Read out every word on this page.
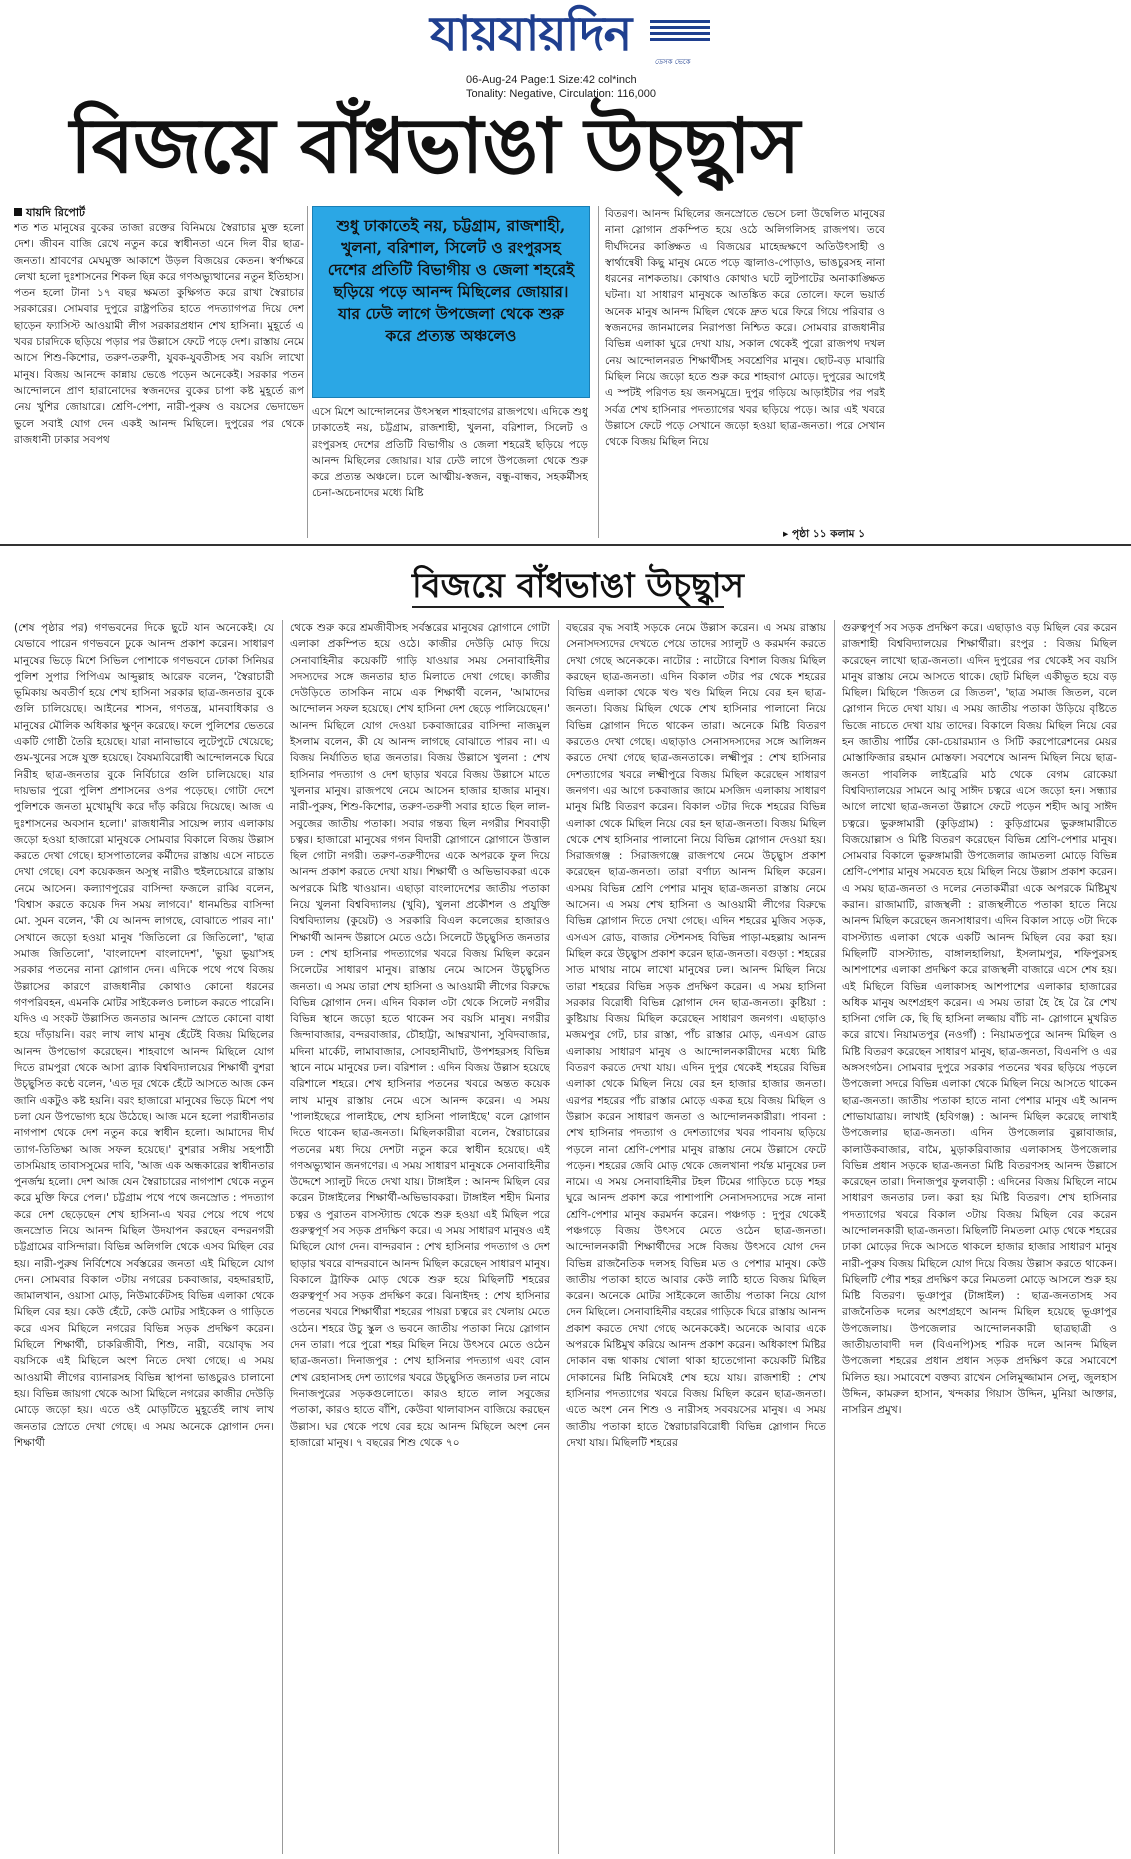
যায়যায়দিন	ডেসক ভেকে
06-Aug-24 Page:1 Size:42 col*inch
Tonality: Negative, Circulation: 116,000
বিজয়ে বাঁধভাঙা উচ্ছ্বাস
যায়দি রিপোর্ট

শত শত মানুষের বুকের তাজা রক্তের বিনিময়ে স্বৈরাচার মুক্ত হলো দেশ। জীবন বাজি রেখে নতুন করে স্বাধীনতা এনে দিল বীর ছাত্র-জনতা। শ্রাবণের মেঘমুক্ত আকাশে উড়ল বিজয়ের কেতন। স্বর্ণাক্ষরে লেখা হলো দুঃশাসনের শিকল ছিন্ন করে গণঅভ্যুত্থানের নতুন ইতিহাস। পতন হলো টানা ১৭ বছর ক্ষমতা কুক্ষিগত করে রাখা স্বৈরাচার সরকারের। সোমবার দুপুরে রাষ্ট্রপতির হাতে পদত্যাগপত্র দিয়ে দেশ ছাড়েন ফ্যাসিস্ট আওয়ামী লীগ সরকারপ্রধান শেখ হাসিনা। মুহূর্তে এ খবর চারদিকে ছড়িয়ে পড়ার পর উল্লাসে ফেটে পড়ে দেশ। রাস্তায় নেমে আসে শিশু-কিশোর, তরুণ-তরুণী, যুবক-যুবতীসহ সব বয়সি লাখো মানুষ। বিজয় আনন্দে কান্নায় ভেঙে পড়েন অনেকেই। সরকার পতন আন্দোলনে প্রাণ হারানোদের স্বজনদের বুকের চাপা কষ্ট মুহূর্তে রূপ নেয় খুশির জোয়ারে। শ্রেণি-পেশা, নারী-পুরুষ ও বয়সের ভেদাভেদ ভুলে সবাই যোগ দেন একই আনন্দ মিছিলে। দুপুরের পর থেকে রাজধানী ঢাকার সবপথ

শুধু ঢাকাতেই নয়, চট্টগ্রাম, রাজশাহী, খুলনা, বরিশাল, সিলেট ও রংপুরসহ দেশের প্রতিটি বিভাগীয় ও জেলা শহরেই ছড়িয়ে পড়ে আনন্দ মিছিলের জোয়ার। যার ঢেউ লাগে উপজেলা থেকে শুরু করে প্রত্যন্ত অঞ্চলেও

এসে মিশে আন্দোলনের উৎসস্থল শাহবাগের রাজপথে। এদিকে শুধু ঢাকাতেই নয়, চট্টগ্রাম, রাজশাহী, খুলনা, বরিশাল, সিলেট ও রংপুরসহ দেশের প্রতিটি বিভাগীয় ও জেলা শহরেই ছড়িয়ে পড়ে আনন্দ মিছিলের জোয়ার। যার ঢেউ লাগে উপজেলা থেকে শুরু করে প্রত্যন্ত অঞ্চলে। চলে আত্মীয়-স্বজন, বন্ধু-বান্ধব, সহকর্মীসহ চেনা-অচেনাদের মধ্যে মিষ্টি

বিতরণ। আনন্দ মিছিলের জনস্রোতে ভেসে চলা উদ্বেলিত মানুষের নানা স্লোগান প্রকম্পিত হয়ে ওঠে অলিগলিসহ রাজপথ। তবে দীর্ঘদিনের কাঙ্ক্ষিত এ বিজয়ের মাহেন্দ্রক্ষণে অতিউৎসাহী ও স্বার্থান্বেষী কিছু মানুষ মেতে পড়ে জ্বালাও-পোড়াও, ভাঙচুরসহ নানা ধরনের নাশকতায়। কোথাও কোথাও ঘটে লুটপাটের অনাকাঙ্ক্ষিত ঘটনা। যা সাধারণ মানুষকে আতঙ্কিত করে তোলে। ফলে ভয়ার্ত অনেক মানুষ আনন্দ মিছিল থেকে দ্রুত ঘরে ফিরে গিয়ে পরিবার ও স্বজনদের জানমালের নিরাপত্তা নিশ্চিত করে। সোমবার রাজধানীর বিভিন্ন এলাকা ঘুরে দেখা যায়, সকাল থেকেই পুরো রাজপথ দখল নেয় আন্দোলনরত শিক্ষার্থীসহ সবশ্রেণির মানুষ। ছোট-বড় মাঝারি মিছিল নিয়ে জড়ো হতে শুরু করে শাহবাগ মোড়ে। দুপুরের আগেই এ স্পটই পরিণত হয় জনসমুদ্রে। দুপুর গড়িয়ে আড়াইটার পর পরই সর্বত্র শেখ হাসিনার পদত্যাগের খবর ছড়িয়ে পড়ে। আর এই খবরে উল্লাসে ফেটে পড়ে সেখানে জড়ো হওয়া ছাত্র-জনতা। পরে সেখান থেকে বিজয় মিছিল নিয়ে

▸ পৃষ্ঠা ১১ কলাম ১
বিজয়ে বাঁধভাঙা উচ্ছ্বাস

(শেষ পৃষ্ঠার পর) গণভবনের দিকে ছুটে যান অনেকেই। যে যেভাবে পারেন গণভবনে ঢুকে আনন্দ প্রকাশ করেন। সাধারণ মানুষের ভিড়ে মিশে সিভিল পোশাকে গণভবনে ঢোকা সিনিয়র পুলিশ সুপার পিপিএম আব্দুল্লাহ আরেফ বলেন, 'স্বৈরাচারী ভূমিকায় অবতীর্ণ হয়ে শেখ হাসিনা সরকার ছাত্র-জনতার বুকে গুলি চালিয়েছে। আইনের শাসন, গণতন্ত্র, মানবাধিকার ও মানুষের মৌলিক অধিকার ক্ষুণ্ন করেছে। ফলে পুলিশের ভেতরে একটি গোষ্ঠী তৈরি হয়েছে। যারা নানাভাবে লুটেপুটে খেয়েছে; গুম-খুনের সঙ্গে যুক্ত হয়েছে। বৈষম্যবিরোধী আন্দোলনকে ঘিরে নিরীহ ছাত্র-জনতার বুকে নির্বিচারে গুলি চালিয়েছে। যার দায়ভার পুরো পুলিশ প্রশাসনের ওপর পড়েছে। গোটা দেশে পুলিশকে জনতা মুখোমুখি করে দাঁড় করিয়ে দিয়েছে। আজ এ দুঃশাসনের অবসান হলো।' রাজধানীর সায়েন্স ল্যাব এলাকায় জড়ো হওয়া হাজারো মানুষকে সোমবার বিকালে বিজয় উল্লাস করতে দেখা গেছে। হাসপাতালের কর্মীদের রাস্তায় এসে নাচতে দেখা গেছে। বেশ কয়েকজন অসুস্থ নারীও হুইলচেয়ারে রাস্তায় নেমে আসেন। কল্যাণপুরের বাসিন্দা ফজলে রাব্বি বলেন, 'বিশ্বাস করতে কয়েক দিন সময় লাগবে।' ধানমন্ডির বাসিন্দা মো. সুমন বলেন, 'কী যে আনন্দ লাগছে, বোঝাতে পারব না।' সেখানে জড়ো হওয়া মানুষ 'জিতিলো রে জিতিলো', 'ছাত্র সমাজ জিতিলো', 'বাংলাদেশ বাংলাদেশ', 'ভুয়া ভুয়া'সহ সরকার পতনের নানা স্লোগান দেন। এদিকে পথে পথে বিজয় উল্লাসের কারণে রাজধানীর কোথাও কোনো ধরনের গণপরিবহন, এমনকি মোটর সাইকেলও চলাচল করতে পারেনি। যদিও এ সংকট উল্লাসিত জনতার আনন্দ স্রোতে কোনো বাধা হয়ে দাঁড়ায়নি। বরং লাখ লাখ মানুষ হেঁটেই বিজয় মিছিলের আনন্দ উপভোগ করেছেন। শাহবাগে আনন্দ মিছিলে যোগ দিতে রামপুরা থেকে আসা ব্র্যাক বিশ্ববিদ্যালয়ের শিক্ষার্থী বুশরা উচ্ছ্বসিত কণ্ঠে বলেন, 'এত দূর থেকে হেঁটে আসতে আজ কেন জানি একটুও কষ্ট হয়নি। বরং হাজারো মানুষের ভিড়ে মিশে পথ চলা যেন উপভোগ্য হয়ে উঠেছে। আজ মনে হলো পরাধীনতার নাগপাশ থেকে দেশ নতুন করে স্বাধীন হলো। আমাদের দীর্ঘ ত্যাগ-তিতিক্ষা আজ সফল হয়েছে।' বুশরার সঙ্গীয় সহপাঠী তাসমিয়াহ তাবাসসুমের দাবি, 'আজ এক অন্ধকারের স্বাধীনতার পুনর্জন্ম হলো। দেশ আজ যেন স্বৈরাচারের নাগপাশ থেকে নতুন করে মুক্তি ফিরে পেল।' চট্টগ্রাম পথে পথে জনস্রোত : পদত্যাগ করে দেশ ছেড়েছেন শেখ হাসিনা-এ খবর পেয়ে পথে পথে জনস্রোত নিয়ে আনন্দ মিছিল উদযাপন করছেন বন্দরনগরী চট্টগ্রামের বাসিন্দারা। বিভিন্ন অলিগলি থেকে এসব মিছিল বের হয়। নারী-পুরুষ নির্বিশেষে সর্বস্তরের জনতা এই মিছিলে যোগ দেন। সোমবার বিকাল ৩টায় নগরের চকবাজার, বহদ্দারহাট, জামালখান, ওয়াসা মোড়, নিউমার্কেটসহ বিভিন্ন এলাকা থেকে মিছিল বের হয়। কেউ হেঁটে, কেউ মোটর সাইকেল ও গাড়িতে করে এসব মিছিলে নগরের বিভিন্ন সড়ক প্রদক্ষিণ করেন। মিছিলে শিক্ষার্থী, চাকরিজীবী, শিশু, নারী, বয়োবৃদ্ধ সব বয়সিকে এই মিছিলে অংশ নিতে দেখা গেছে। এ সময় আওয়ামী লীগের ব্যানারসহ বিভিন্ন স্থাপনা ভাঙচুরও চালানো হয়। বিভিন্ন জায়গা থেকে আসা মিছিলে নগরের কাজীর দেউড়ি মোড়ে জড়ো হয়। এতে ওই মোড়টিতে মুহূর্তেই লাখ লাখ জনতার স্রোতে দেখা গেছে। এ সময় অনেকে স্লোগান দেন। শিক্ষার্থী

থেকে শুরু করে শ্রমজীবীসহ সর্বস্তরের মানুষের স্লোগানে গোটা এলাকা প্রকম্পিত হয়ে ওঠে। কাজীর দেউড়ি মোড় দিয়ে সেনাবাহিনীর কয়েকটি গাড়ি যাওয়ার সময় সেনাবাহিনীর সদস্যদের সঙ্গে জনতার হাত মিলাতে দেখা গেছে। কাজীর দেউড়িতে তাসকিন নামে এক শিক্ষার্থী বলেন, 'আমাদের আন্দোলন সফল হয়েছে। শেখ হাসিনা দেশ ছেড়ে পালিয়েছেন।' আনন্দ মিছিলে যোগ দেওয়া চকবাজারের বাসিন্দা নাজমুল ইসলাম বলেন, কী যে আনন্দ লাগছে বোঝাতে পারব না। এ বিজয় নির্যাতিত ছাত্র জনতার। বিজয় উল্লাসে খুলনা : শেখ হাসিনার পদত্যাগ ও দেশ ছাড়ার খবরে বিজয় উল্লাসে মাতে খুলনার মানুষ। রাজপথে নেমে আসেন হাজার হাজার মানুষ। নারী-পুরুষ, শিশু-কিশোর, তরুণ-তরুণী সবার হাতে ছিল লাল-সবুজের জাতীয় পতাকা। সবার গন্তব্য ছিল নগরীর শিববাড়ী চত্বর। হাজারো মানুষের গগন বিদারী স্লোগানে স্লোগানে উত্তাল ছিল গোটা নগরী। তরুণ-তরুণীদের একে অপরকে ফুল দিয়ে আনন্দ প্রকাশ করতে দেখা যায়। শিক্ষার্থী ও অভিভাবকরা একে অপরকে মিষ্টি খাওয়ান। এছাড়া বাংলাদেশের জাতীয় পতাকা নিয়ে খুলনা বিশ্ববিদ্যালয় (খুবি), খুলনা প্রকৌশল ও প্রযুক্তি বিশ্ববিদ্যালয় (কুয়েট) ও সরকারি বিএল কলেজের হাজারও শিক্ষার্থী আনন্দ উল্লাসে মেতে ওঠে। সিলেটে উচ্ছ্বসিত জনতার ঢল : শেখ হাসিনার পদত্যাগের খবরে বিজয় মিছিল করেন সিলেটের সাধারণ মানুষ। রাস্তায় নেমে আসেন উচ্ছ্বসিত জনতা। এ সময় তারা শেখ হাসিনা ও আওয়ামী লীগের বিরুদ্ধে বিভিন্ন স্লোগান দেন। এদিন বিকাল ৩টা থেকে সিলেট নগরীর বিভিন্ন স্থানে জড়ো হতে থাকেন সব বয়সি মানুষ। নগরীর জিন্দাবাজার, বন্দরবাজার, চৌহাট্টা, আম্বরখানা, সুবিদবাজার, মদিনা মার্কেট, লামাবাজার, সোবহানীঘাট, উপশহরসহ বিভিন্ন স্থানে নামে মানুষের ঢল। বরিশাল : এদিন বিজয় উল্লাস হয়েছে বরিশালে শহরে। শেখ হাসিনার পতনের খবরে অন্তত কয়েক লাখ মানুষ রাস্তায় নেমে এসে আনন্দ করেন। এ সময় 'পালাইছেরে পালাইছে, শেখ হাসিনা পালাইছে' বলে স্লোগান দিতে থাকেন ছাত্র-জনতা। মিছিলকারীরা বলেন, স্বৈরাচারের পতনের মধ্য দিয়ে দেশটা নতুন করে স্বাধীন হয়েছে। এই গণঅভ্যুত্থান জনগণের। এ সময় সাধারণ মানুষকে সেনাবাহিনীর উদ্দেশে স্যালুট দিতে দেখা যায়। টাঙ্গাইল : আনন্দ মিছিল বের করেন টাঙ্গাইলের শিক্ষার্থী-অভিভাবকরা। টাঙ্গাইল শহীদ মিনার চত্বর ও পুরাতন বাসস্ট্যান্ড থেকে শুরু হওয়া এই মিছিল পরে গুরুত্বপূর্ণ সব সড়ক প্রদক্ষিণ করে। এ সময় সাধারণ মানুষও এই মিছিলে যোগ দেন। বান্দরবান : শেখ হাসিনার পদত্যাগ ও দেশ ছাড়ার খবরে বান্দরবানে আনন্দ মিছিল করেছেন সাধারণ মানুষ। বিকালে ট্রাফিক মোড় থেকে শুরু হয়ে মিছিলটি শহরের গুরুত্বপূর্ণ সব সড়ক প্রদক্ষিণ করে। ঝিনাইদহ : শেখ হাসিনার পতনের খবরে শিক্ষার্থীরা শহরের পায়রা চত্বরে রং খেলায় মেতে ওঠেন। শহরে উচু স্কুল ও ভবনে জাতীয় পতাকা নিয়ে স্লোগান দেন তারা। পরে পুরো শহর মিছিল নিয়ে উৎসবে মেতে ওঠেন ছাত্র-জনতা। দিনাজপুর : শেখ হাসিনার পদত্যাগ এবং বোন শেখ রেহানাসহ দেশ ত্যাগের খবরে উচ্ছ্বসিত জনতার ঢল নামে দিনাজপুরের সড়কগুলোতে। কারও হাতে লাল সবুজের পতাকা, কারও হাতে বাঁশি, কেউবা থালাবাসন বাজিয়ে করছেন উল্লাস। ঘর থেকে পথে বের হয়ে আনন্দ মিছিলে অংশ নেন হাজারো মানুষ। ৭ বছরের শিশু থেকে ৭০

বছরের বৃদ্ধ সবাই সড়কে নেমে উল্লাস করেন। এ সময় রাস্তায় সেনাসদস্যদের দেখতে পেয়ে তাদের স্যালুট ও করমর্দন করতে দেখা গেছে অনেককে। নাটোর : নাটোরে বিশাল বিজয় মিছিল করছেন ছাত্র-জনতা। এদিন বিকাল ৩টার পর থেকে শহরের বিভিন্ন এলাকা থেকে খণ্ড খণ্ড মিছিল নিয়ে বের হন ছাত্র-জনতা। বিজয় মিছিল থেকে শেখ হাসিনার পালানো নিয়ে বিভিন্ন স্লোগান দিতে থাকেন তারা। অনেকে মিষ্টি বিতরণ করতেও দেখা গেছে। এছাড়াও সেনাসদস্যদের সঙ্গে আলিঙ্গন করতে দেখা গেছে ছাত্র-জনতাকে। লক্ষ্মীপুর : শেখ হাসিনার দেশত্যাগের খবরে লক্ষ্মীপুরে বিজয় মিছিল করেছেন সাধারণ জনগণ। এর আগে চকবাজার জামে মসজিদ এলাকায় সাধারণ মানুষ মিষ্টি বিতরণ করেন। বিকাল ৩টার দিকে শহরের বিভিন্ন এলাকা থেকে মিছিল নিয়ে বের হন ছাত্র-জনতা। বিজয় মিছিল থেকে শেখ হাসিনার পালানো নিয়ে বিভিন্ন স্লোগান দেওয়া হয়। সিরাজগঞ্জ : সিরাজগঞ্জে রাজপথে নেমে উচ্ছ্বাস প্রকাশ করেছেন ছাত্র-জনতা। তারা বর্ণাঢ্য আনন্দ মিছিল করেন। এসময় বিভিন্ন শ্রেণি পেশার মানুষ ছাত্র-জনতা রাস্তায় নেমে আসেন। এ সময় শেখ হাসিনা ও আওয়ামী লীগের বিরুদ্ধে বিভিন্ন স্লোগান দিতে দেখা গেছে। এদিন শহরের মুজিব সড়ক, এসএস রোড, বাজার স্টেশনসহ বিভিন্ন পাড়া-মহল্লায় আনন্দ মিছিল করে উচ্ছ্বাস প্রকাশ করেন ছাত্র-জনতা। বগুড়া : শহরের সাত মাথায় নামে লাখো মানুষের ঢল। আনন্দ মিছিল নিয়ে তারা শহরের বিভিন্ন সড়ক প্রদক্ষিণ করেন। এ সময় হাসিনা সরকার বিরোধী বিভিন্ন স্লোগান দেন ছাত্র-জনতা। কুষ্টিয়া : কুষ্টিয়ায় বিজয় মিছিল করেছেন সাধারণ জনগণ। এছাড়াও মজমপুর গেট, চার রাস্তা, পাঁচ রাস্তার মোড়, এনএস রোড এলাকায় সাধারণ মানুষ ও আন্দোলনকারীদের মধ্যে মিষ্টি বিতরণ করতে দেখা যায়। এদিন দুপুর থেকেই শহরের বিভিন্ন এলাকা থেকে মিছিল নিয়ে বের হন হাজার হাজার জনতা। এরপর শহরের পাঁচ রাস্তার মোড়ে একত্র হয়ে বিজয় মিছিল ও উল্লাস করেন সাধারণ জনতা ও আন্দোলনকারীরা। পাবনা : শেখ হাসিনার পদত্যাগ ও দেশত্যাগের খবর পাবনায় ছড়িয়ে পড়লে নানা শ্রেণি-পেশার মানুষ রাস্তায় নেমে উল্লাসে ফেটে পড়েন। শহরের জেবি মোড় থেকে জেলখানা পর্যন্ত মানুষের ঢল নামে। এ সময় সেনাবাহিনীর টহল টিমের গাড়িতে চড়ে শহর ঘুরে আনন্দ প্রকাশ করে পাশাপাশি সেনাসদস্যদের সঙ্গে নানা শ্রেণি-পেশার মানুষ করমর্দন করেন। পঞ্চগড় : দুপুর থেকেই পঞ্চগড়ে বিজয় উৎসবে মেতে ওঠেন ছাত্র-জনতা। আন্দোলনকারী শিক্ষার্থীদের সঙ্গে বিজয় উৎসবে যোগ দেন বিভিন্ন রাজনৈতিক দলসহ বিভিন্ন মত ও পেশার মানুষ। কেউ জাতীয় পতাকা হাতে আবার কেউ লাঠি হাতে বিজয় মিছিল করেন। অনেকে মোটর সাইকেলে জাতীয় পতাকা নিয়ে যোগ দেন মিছিলে। সেনাবাহিনীর বহরের গাড়িকে ঘিরে রাস্তায় আনন্দ প্রকাশ করতে দেখা গেছে অনেককেই। অনেকে আবার একে অপরকে মিষ্টিমুখ করিয়ে আনন্দ প্রকাশ করেন। অধিকাংশ মিষ্টির দোকান বন্ধ থাকায় খোলা থাকা হাতেগোনা কয়েকটি মিষ্টির দোকানের মিষ্টি নিমিষেই শেষ হয়ে যায়। রাজশাহী : শেখ হাসিনার পদত্যাগের খবরে বিজয় মিছিল করেন ছাত্র-জনতা। এতে অংশ নেন শিশু ও নারীসহ সববয়সের মানুষ। এ সময় জাতীয় পতাকা হাতে স্বৈরাচারবিরোধী বিভিন্ন স্লোগান দিতে দেখা যায়। মিছিলটি শহরের

গুরুত্বপূর্ণ সব সড়ক প্রদক্ষিণ করে। এছাড়াও বড় মিছিল বের করেন রাজশাহী বিশ্ববিদ্যালয়ের শিক্ষার্থীরা। রংপুর : বিজয় মিছিল করেছেন লাখো ছাত্র-জনতা। এদিন দুপুরের পর থেকেই সব বয়সি মানুষ রাস্তায় নেমে আসতে থাকে। ছোট মিছিল একীভূত হয়ে বড় মিছিল। মিছিলে 'জিতল রে জিতল', 'ছাত্র সমাজ জিতল, বলে স্লোগান দিতে দেখা যায়। এ সময় জাতীয় পতাকা উড়িয়ে বৃষ্টিতে ভিজে নাচতে দেখা যায় তাদের। বিকালে বিজয় মিছিল নিয়ে বের হন জাতীয় পার্টির কো-চেয়ারম্যান ও সিটি করপোরেশনের মেয়র মোস্তাফিজার রহমান মোস্তফা। সবশেষে আনন্দ মিছিল নিয়ে ছাত্র-জনতা পাবলিক লাইব্রেরি মাঠ থেকে বেগম রোকেয়া বিশ্ববিদ্যালয়ের সামনে আবু সাঈদ চত্বরে এসে জড়ো হন। সন্ধ্যার আগে লাখো ছাত্র-জনতা উল্লাসে ফেটে পড়েন শহীদ আবু সাঈদ চত্বরে। ভুরুঙ্গামারী (কুড়িগ্রাম) : কুড়িগ্রামের ভুরুঙ্গামারীতে বিজয়োল্লাস ও মিষ্টি বিতরণ করেছেন বিভিন্ন শ্রেণি-পেশার মানুষ। সোমবার বিকালে ভুরুঙ্গামারী উপজেলার জামতলা মোড়ে বিভিন্ন শ্রেণি-পেশার মানুষ সমবেত হয়ে মিছিল নিয়ে উল্লাস প্রকাশ করেন। এ সময় ছাত্র-জনতা ও দলের নেতাকর্মীরা একে অপরকে মিষ্টিমুখ করান। রাজামাটি, রাজস্থলী : রাজস্থলীতে পতাকা হাতে নিয়ে আনন্দ মিছিল করেছেন জনসাধারণ। এদিন বিকাল সাড়ে ৩টা দিকে বাসস্ট্যান্ড এলাকা থেকে একটি আনন্দ মিছিল বের করা হয়। মিছিলটি বাসস্ট্যান্ড, বাঙ্গালহালিয়া, ইসলামপুর, শফিপুরসহ আশপাশের এলাকা প্রদক্ষিণ করে রাজস্থলী বাজারে এসে শেষ হয়। এই মিছিলে বিভিন্ন এলাকাসহ আশপাশের এলাকার হাজারের অধিক মানুষ অংশগ্রহণ করেন। এ সময় তারা হৈ হৈ রৈ রৈ শেখ হাসিনা গেলি কে, ছি ছি হাসিনা লজ্জায় বাঁচি না- স্লোগানে মুখরিত করে রাখে। নিয়ামতপুর (নওগাঁ) : নিয়ামতপুরে আনন্দ মিছিল ও মিষ্টি বিতরণ করেছেন সাধারণ মানুষ, ছাত্র-জনতা, বিএনপি ও এর অঙ্গসংগঠন। সোমবার দুপুরে সরকার পতনের খবর ছড়িয়ে পড়লে উপজেলা সদরে বিভিন্ন এলাকা থেকে মিছিল নিয়ে আসতে থাকেন ছাত্র-জনতা। জাতীয় পতাকা হাতে নানা পেশার মানুষ এই আনন্দ শোভাযাত্রায়। লাখাই (হবিগঞ্জ) : আনন্দ মিছিল করেছে লাখাই উপজেলার ছাত্র-জনতা। এদিন উপজেলার বুল্লাবাজার, কালাউকবাজার, বামৈ, মুড়াকরিবাজার এলাকাসহ উপজেলার বিভিন্ন প্রধান সড়কে ছাত্র-জনতা মিষ্টি বিতরণসহ আনন্দ উল্লাসে করেছেন তারা। দিনাজপুর ফুলবাড়ী : এদিনের বিজয় মিছিলে নামে সাধারণ জনতার ঢল। করা হয় মিষ্টি বিতরণ। শেখ হাসিনার পদত্যাগের খবরে বিকাল ৩টায় বিজয় মিছিল বের করেন আন্দোলনকারী ছাত্র-জনতা। মিছিলটি নিমতলা মোড় থেকে শহরের ঢাকা মোড়ের দিকে আসতে থাকলে হাজার হাজার সাধারণ মানুষ নারী-পুরুষ বিজয় মিছিলে যোগ দিয়ে বিজয় উল্লাস করতে থাকেন। মিছিলটি পৌর শহর প্রদক্ষিণ করে নিমতলা মোড়ে আসলে শুরু হয় মিষ্টি বিতরণ। ভূঞাপুর (টাঙ্গাইল) : ছাত্র-জনতাসহ সব রাজনৈতিক দলের অংশগ্রহণে আনন্দ মিছিল হয়েছে ভূঞাপুর উপজেলায়। উপজেলার আন্দোলনকারী ছাত্রছাত্রী ও জাতীয়তাবাদী দল (বিএনপি)সহ শরিক দলে আনন্দ মিছিল উপজেলা শহরের প্রধান প্রধান সড়ক প্রদক্ষিণ করে সমাবেশে মিলিত হয়। সমাবেশে বক্তব্য রাখেন সেলিমুজ্জামান সেলু, জুলহাস উদ্দিন, কামরুল হাসান, খন্দকার গিয়াস উদ্দিন, মুনিয়া আক্তার, নাসরিন প্রমুখ।
